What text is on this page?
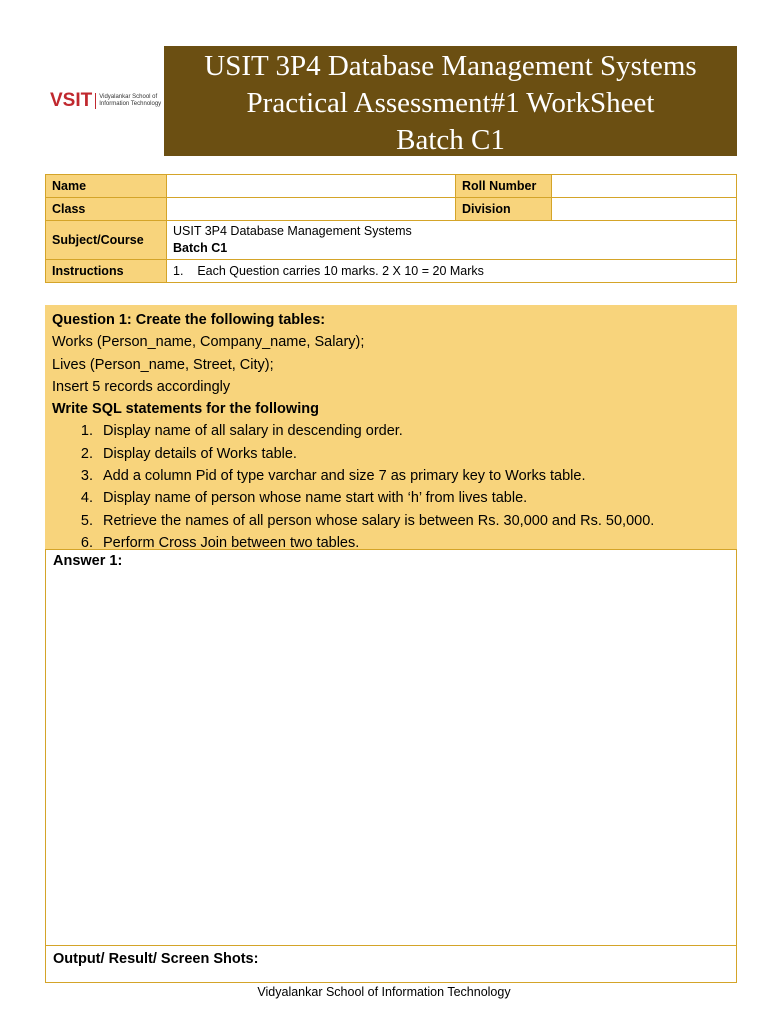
VSIT Vidyalankar School of
Information Technology
USIT 3P4 Database Management Systems
Practical Assessment#1 WorkSheet
Batch C1
Name		Roll Number	
Class		Division	
Subject/Course	USIT 3P4 Database Management Systems
Batch C1		

Instructions	1.    Each Question carries 10 marks. 2 X 10 = 20 Marks		
Question 1: Create the following tables:
Works (Person_name, Company_name, Salary);
Lives (Person_name, Street, City);
Insert 5 records accordingly
Write SQL statements for the following
1. Display name of all salary in descending order.
2. Display details of Works table.
3. Add a column Pid of type varchar and size 7 as primary key to Works table.
4. Display name of person whose name start with ‘h’ from lives table.
5. Retrieve the names of all person whose salary is between Rs. 30,000 and Rs. 50,000.
6. Perform Cross Join between two tables.
Answer 1:
Output/ Result/ Screen Shots:
Vidyalankar School of Information Technology
